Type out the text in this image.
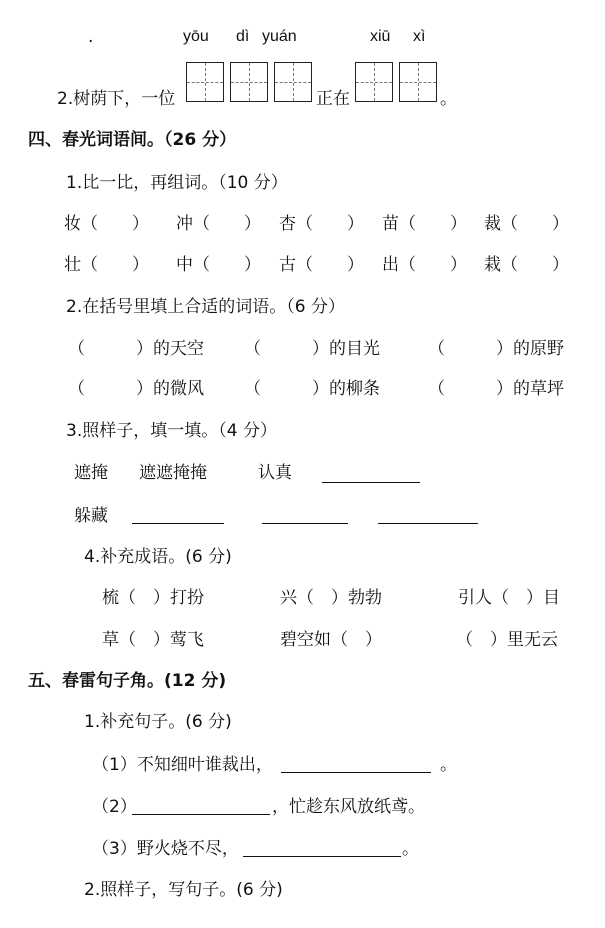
.	yōu dì yuán	xiū xì
2.树荫下，一位	正在	。
四、春光词语间。（26 分）
1.比一比，再组词。（10 分）
妆（　　） 冲（　　） 杏（　　） 苗（　　） 裁（　　）
壮（　　） 中（　　） 古（　　） 出（　　） 栽（　　）
2.在括号里填上合适的词语。（6 分）
（　　　）的天空 （　　　）的目光	（　　　）的原野
（　　　）的微风 （　　　）的柳条	（　　　）的草坪
3.照样子，填一填。（4 分）
遮掩 遮遮掩掩	认真
躲藏
4.补充成语。(6 分)
梳（　）打扮	兴（　）勃勃	引人（　）目
草（　）莺飞	碧空如（　）	（　）里无云
五、春雷句子角。(12 分)
1.补充句子。(6 分)
（1）不知细叶谁裁出，	。
（2）	，忙趁东风放纸鸢。
（3）野火烧不尽，	。
2.照样子，写句子。(6 分)
